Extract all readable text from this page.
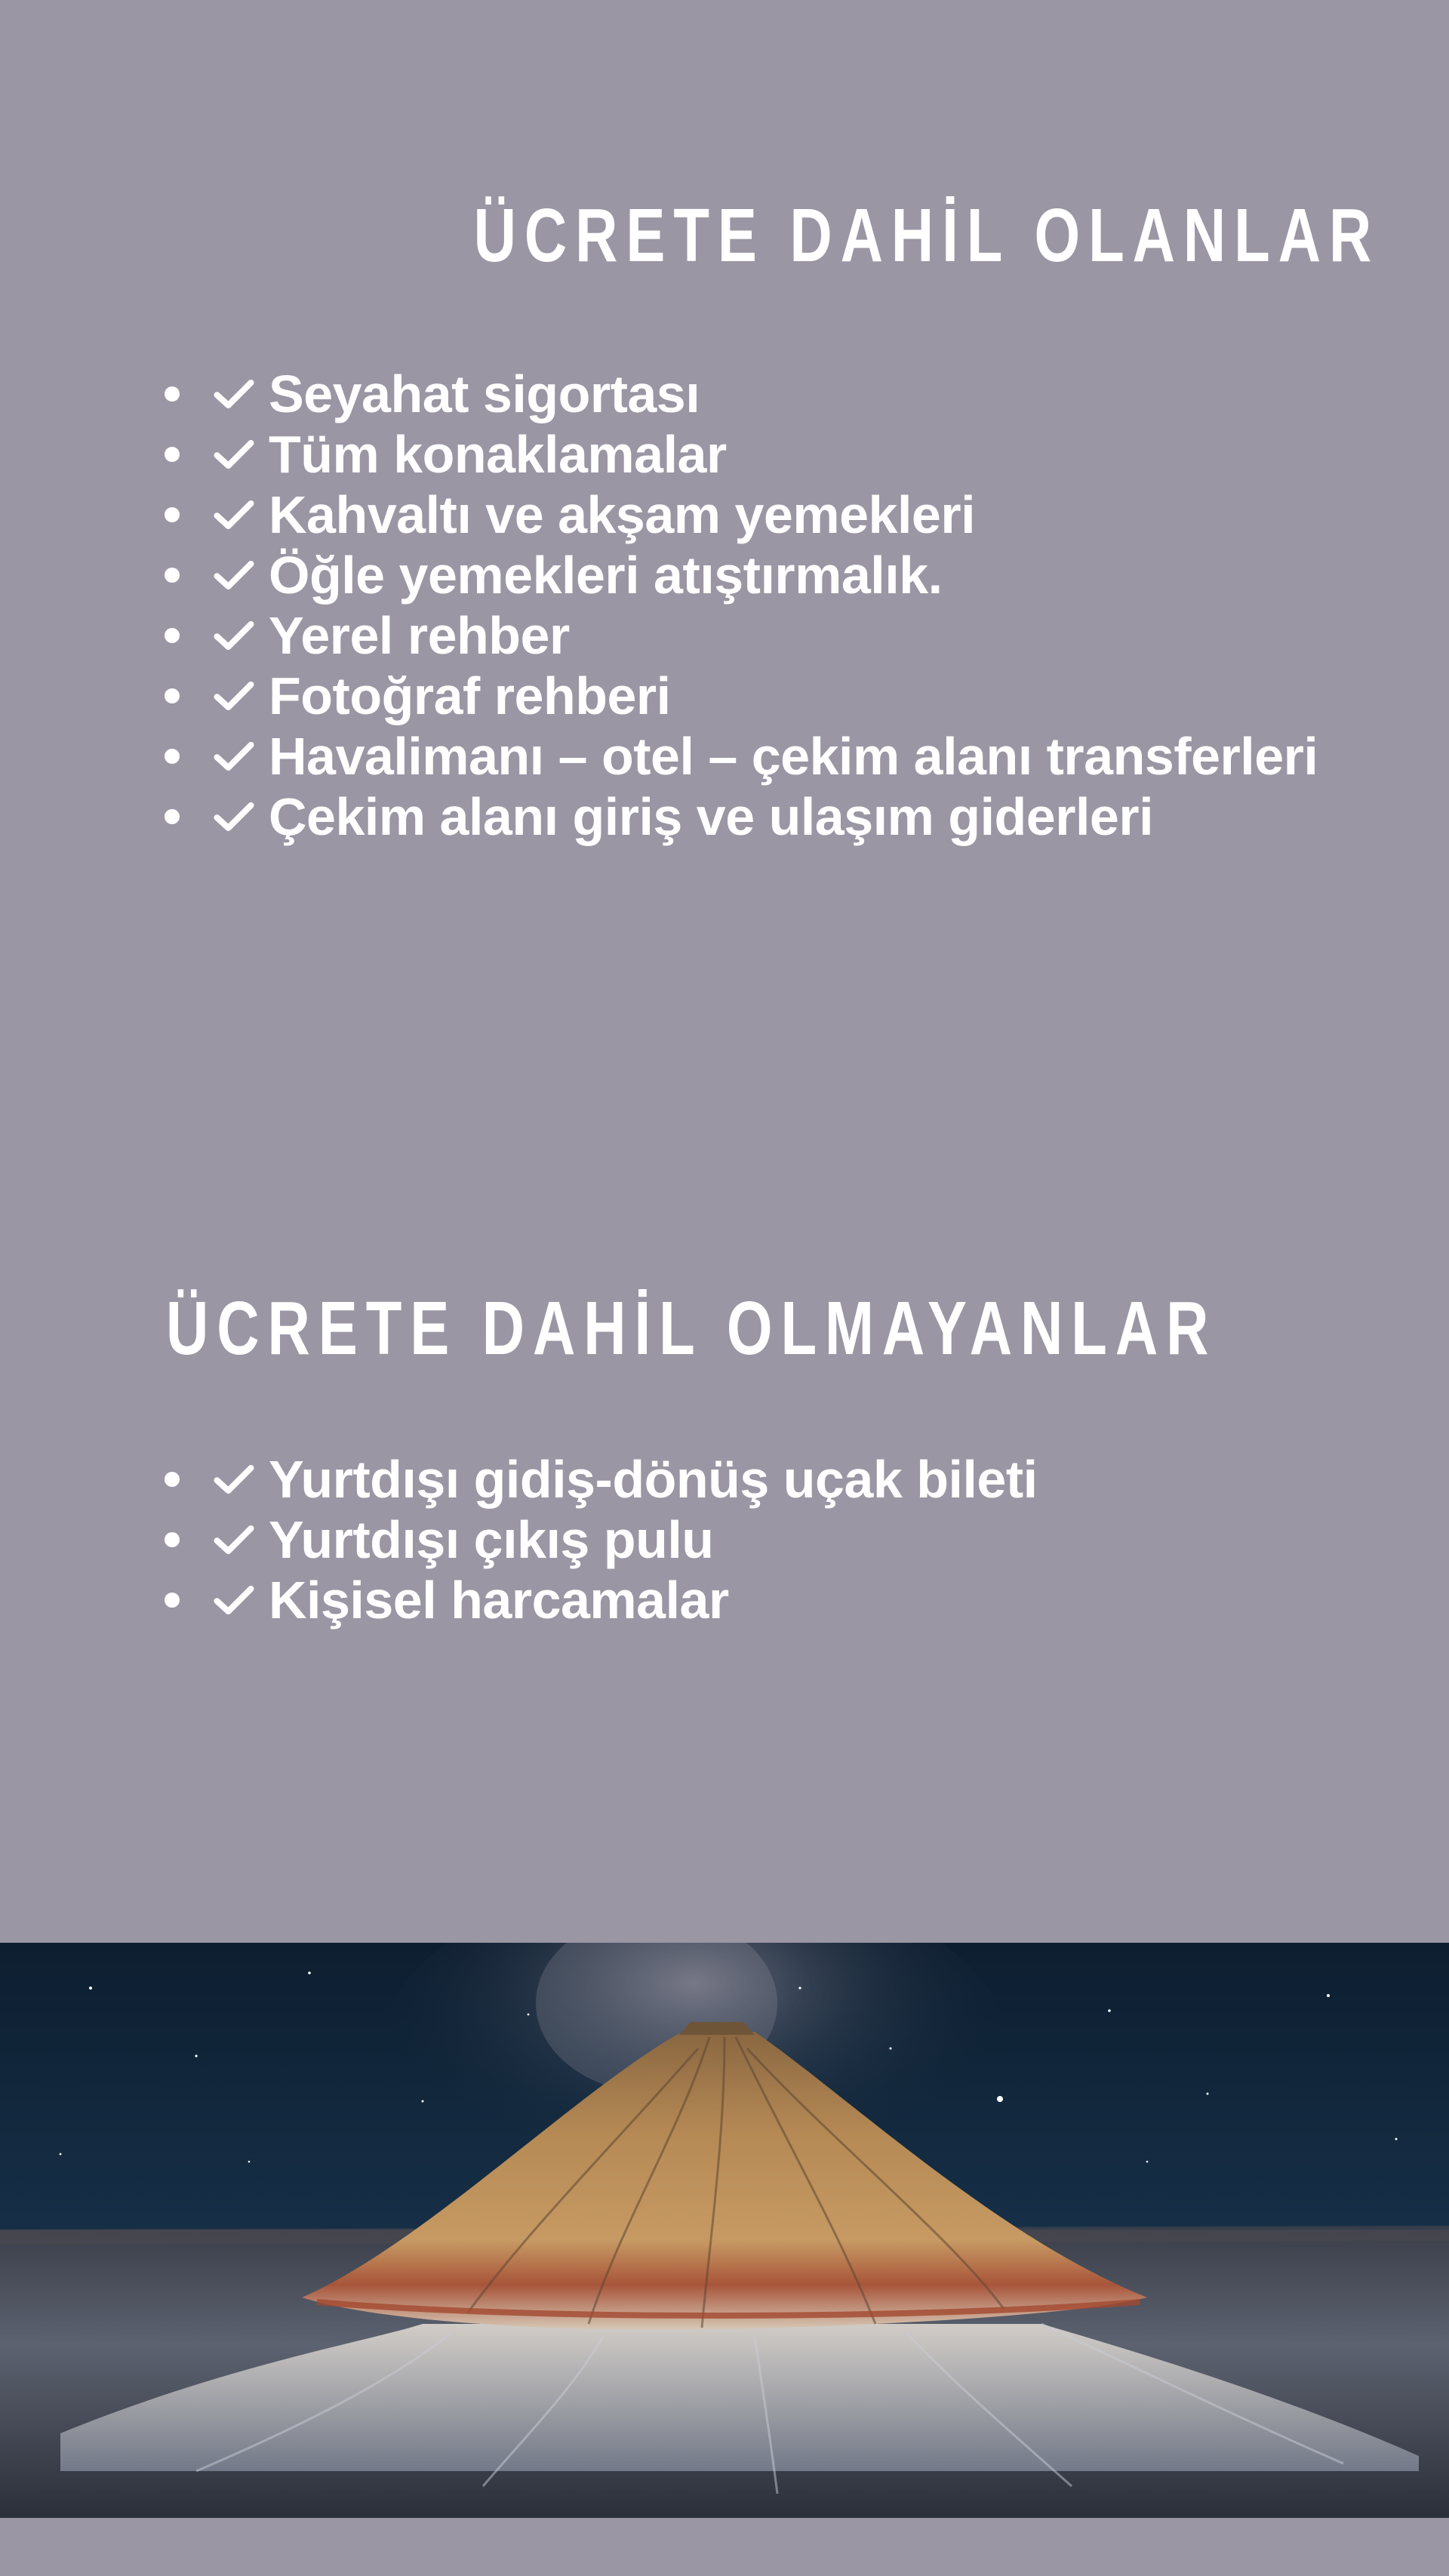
ÜCRETE DAHİL OLANLAR
Seyahat sigortası
Tüm konaklamalar
Kahvaltı ve akşam yemekleri
Öğle yemekleri atıştırmalık.
Yerel rehber
Fotoğraf rehberi
Havalimanı – otel – çekim alanı transferleri
Çekim alanı giriş ve ulaşım giderleri
ÜCRETE DAHİL OLMAYANLAR
Yurtdışı gidiş-dönüş uçak bileti
Yurtdışı çıkış pulu
Kişisel harcamalar
